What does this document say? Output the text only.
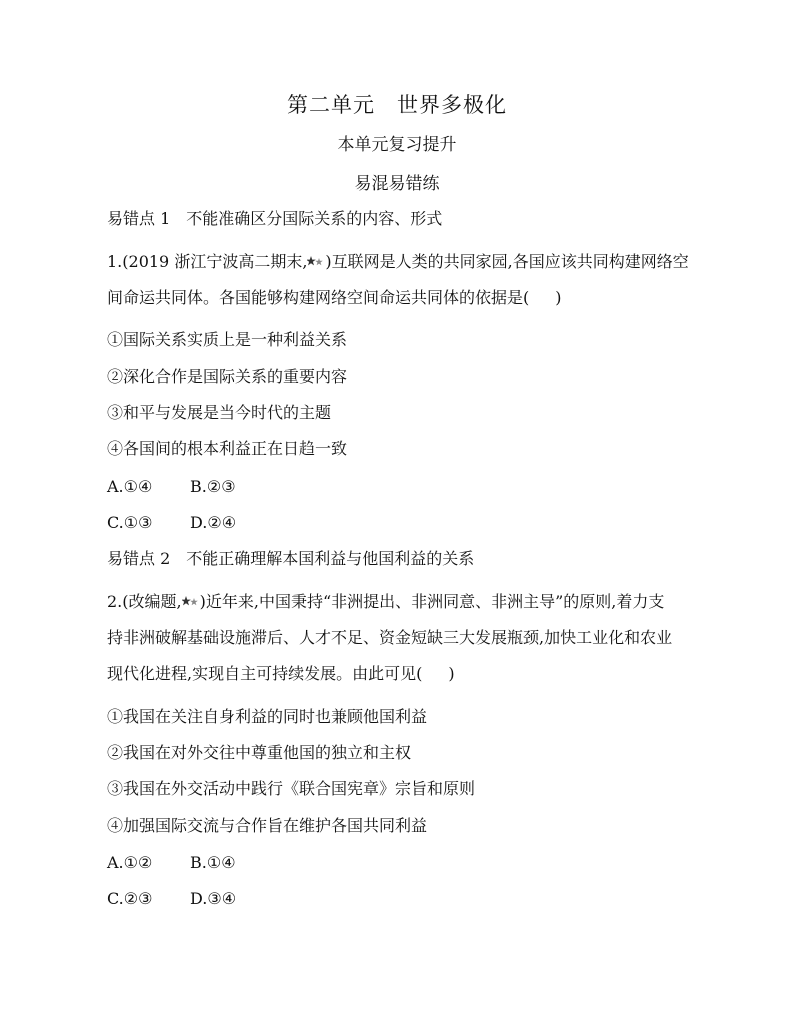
第二单元　世界多极化
本单元复习提升
易混易错练
易错点 1　不能准确区分国际关系的内容、形式
1.(2019 浙江宁波高二期末, )互联网是人类的共同家园,各国应该共同构建网络空
间命运共同体。各国能够构建网络空间命运共同体的依据是( )
①国际关系实质上是一种利益关系
②深化合作是国际关系的重要内容
③和平与发展是当今时代的主题
④各国间的根本利益正在日趋一致
A.①④ B.②③
C.①③ D.②④
易错点 2　不能正确理解本国利益与他国利益的关系
2.(改编题, )近年来,中国秉持“非洲提出、非洲同意、非洲主导”的原则,着力支
持非洲破解基础设施滞后、人才不足、资金短缺三大发展瓶颈,加快工业化和农业
现代化进程,实现自主可持续发展。由此可见( )
①我国在关注自身利益的同时也兼顾他国利益
②我国在对外交往中尊重他国的独立和主权
③我国在外交活动中践行《联合国宪章》宗旨和原则
④加强国际交流与合作旨在维护各国共同利益
A.①② B.①④
C.②③ D.③④
